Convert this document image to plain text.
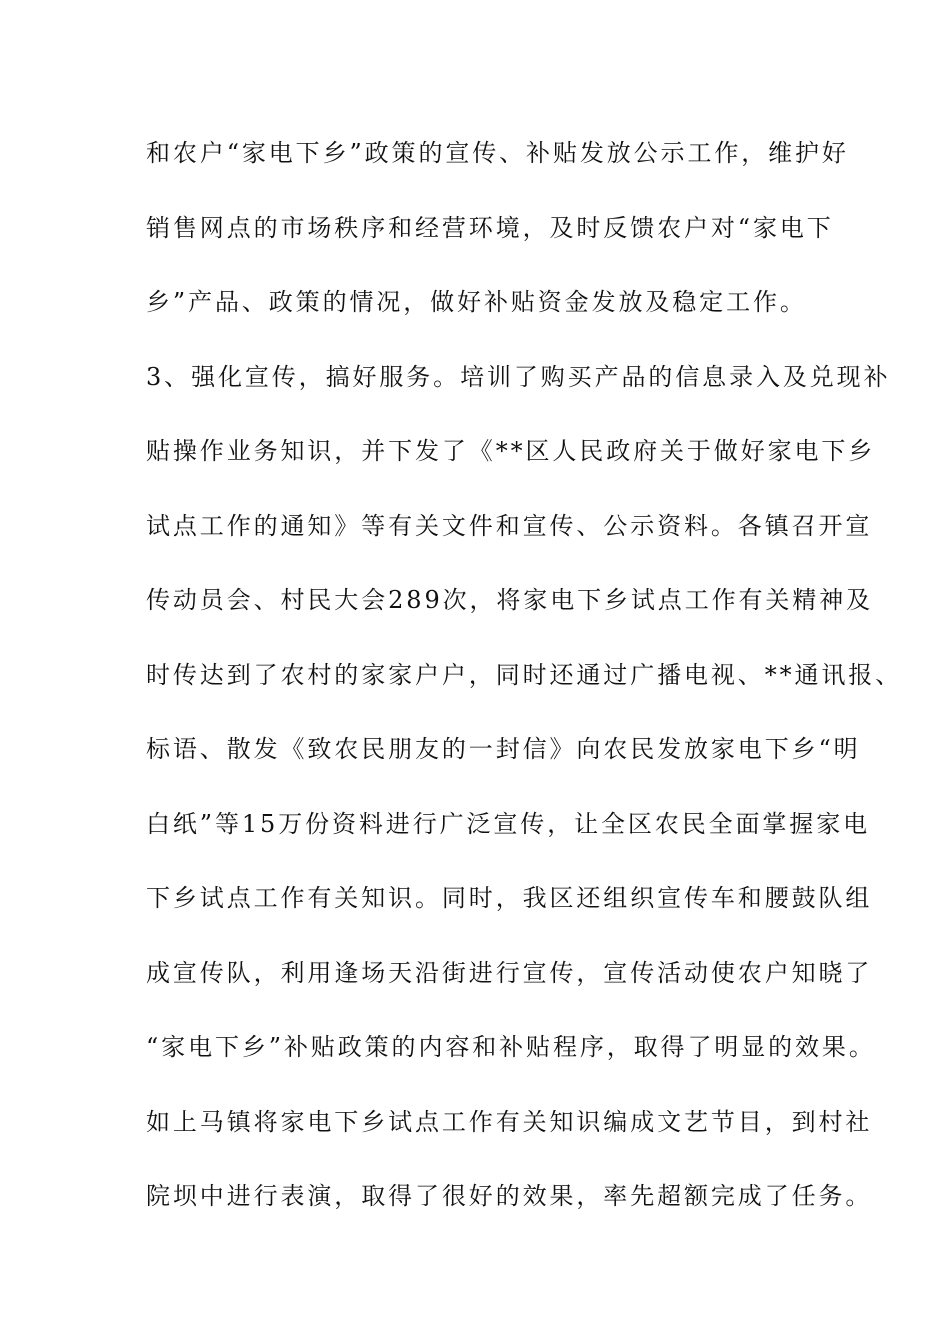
和农户“家电下乡”政策的宣传、补贴发放公示工作，维护好
销售网点的市场秩序和经营环境，及时反馈农户对“家电下
乡”产品、政策的情况，做好补贴资金发放及稳定工作。
3、强化宣传，搞好服务。培训了购买产品的信息录入及兑现补
贴操作业务知识，并下发了《**区人民政府关于做好家电下乡
试点工作的通知》等有关文件和宣传、公示资料。各镇召开宣
传动员会、村民大会289次，将家电下乡试点工作有关精神及
时传达到了农村的家家户户，同时还通过广播电视、**通讯报、
标语、散发《致农民朋友的一封信》向农民发放家电下乡“明
白纸”等15万份资料进行广泛宣传，让全区农民全面掌握家电
下乡试点工作有关知识。同时，我区还组织宣传车和腰鼓队组
成宣传队，利用逢场天沿街进行宣传，宣传活动使农户知晓了
“家电下乡”补贴政策的内容和补贴程序，取得了明显的效果。
如上马镇将家电下乡试点工作有关知识编成文艺节目，到村社
院坝中进行表演，取得了很好的效果，率先超额完成了任务。
